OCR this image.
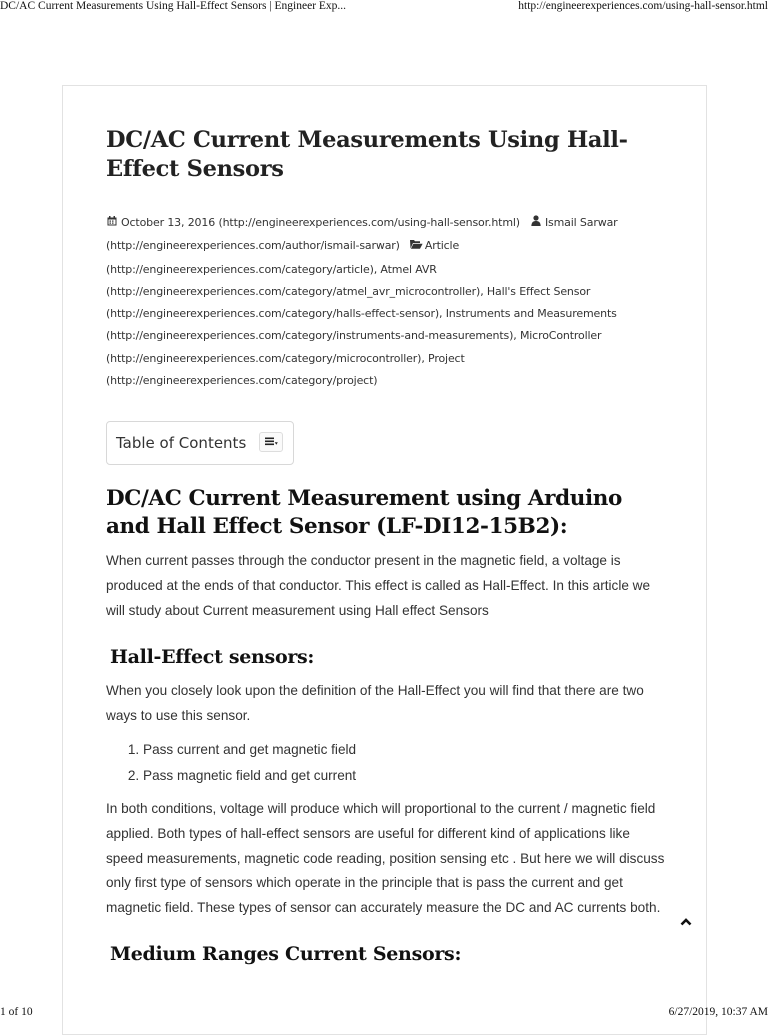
DC/AC Current Measurements Using Hall-Effect Sensors | Engineer Exp...	http://engineerexperiences.com/using-hall-sensor.html
DC/AC Current Measurements Using Hall-Effect Sensors

October 13, 2016 (http://engineerexperiences.com/using-hall-sensor.html) Ismail Sarwar (http://engineerexperiences.com/author/ismail-sarwar) Article (http://engineerexperiences.com/category/article), Atmel AVR (http://engineerexperiences.com/category/atmel_avr_microcontroller), Hall's Effect Sensor (http://engineerexperiences.com/category/halls-effect-sensor), Instruments and Measurements (http://engineerexperiences.com/category/instruments-and-measurements), MicroController (http://engineerexperiences.com/category/microcontroller), Project (http://engineerexperiences.com/category/project)

Table of Contents
DC/AC Current Measurement using Arduino and Hall Effect Sensor (LF-DI12-15B2):

When current passes through the conductor present in the magnetic field, a voltage is produced at the ends of that conductor. This effect is called as Hall-Effect. In this article we will study about Current measurement using Hall effect Sensors

Hall-Effect sensors:

When you closely look upon the definition of the Hall-Effect you will find that there are two ways to use this sensor.

1. Pass current and get magnetic field
2. Pass magnetic field and get current

In both conditions, voltage will produce which will proportional to the current / magnetic field applied. Both types of hall-effect sensors are useful for different kind of applications like speed measurements, magnetic code reading, position sensing etc . But here we will discuss only first type of sensors which operate in the principle that is pass the current and get magnetic field. These types of sensor can accurately measure the DC and AC currents both.

Medium Ranges Current Sensors:
1 of 10	6/27/2019, 10:37 AM
